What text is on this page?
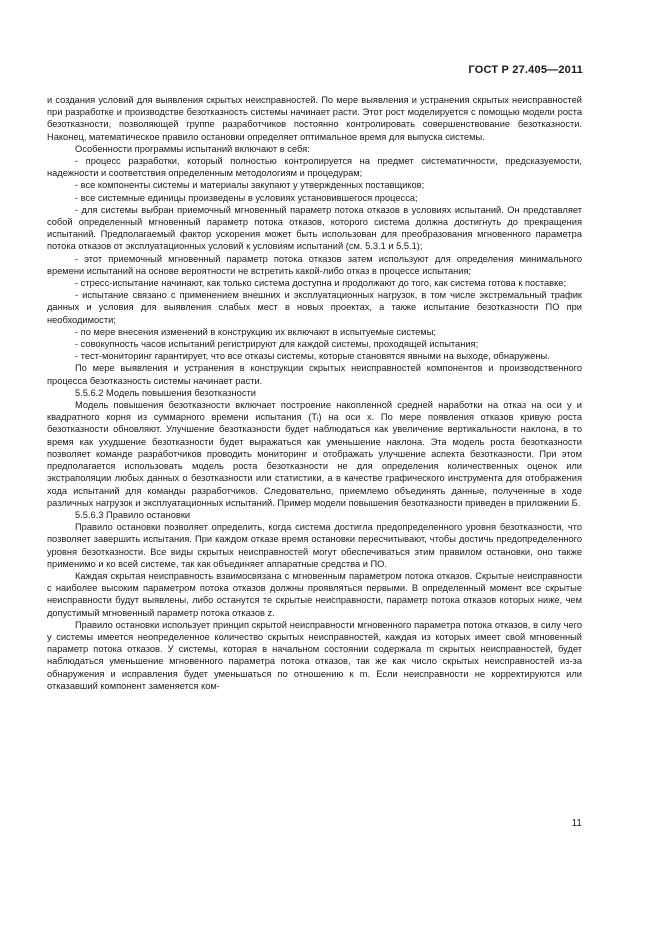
ГОСТ Р 27.405—2011

и создания условий для выявления скрытых неисправностей. По мере выявления и устранения скрытых неисправностей при разработке и производстве безотказность системы начинает расти. Этот рост моделируется с помощью модели роста безотказности, позволяющей группе разработчиков постоянно контролировать совершенствование безотказности. Наконец, математическое правило остановки определяет оптимальное время для выпуска системы.

Особенности программы испытаний включают в себя:

- процесс разработки, который полностью контролируется на предмет систематичности, предсказуемости, надежности и соответствия определенным методологиям и процедурам;

- все компоненты системы и материалы закупают у утвержденных поставщиков;

- все системные единицы произведены в условиях установившегося процесса;

- для системы выбран приемочный мгновенный параметр потока отказов в условиях испытаний. Он представляет собой определенный мгновенный параметр потока отказов, которого система должна достигнуть до прекращения испытаний. Предполагаемый фактор ускорения может быть использован для преобразования мгновенного параметра потока отказов от эксплуатационных условий к условиям испытаний (см. 5.3.1 и 5.5.1);

- этот приемочный мгновенный параметр потока отказов затем используют для определения минимального времени испытаний на основе вероятности не встретить какой-либо отказ в процессе испытания;

- стресс-испытание начинают, как только система доступна и продолжают до того, как система готова к поставке;

- испытание связано с применением внешних и эксплуатационных нагрузок, в том числе экстремальный трафик данных и условия для выявления слабых мест в новых проектах, а также испытание безотказности ПО при необходимости;

- по мере внесения изменений в конструкцию их включают в испытуемые системы;

- совокупность часов испытаний регистрируют для каждой системы, проходящей испытания;

- тест-мониторинг гарантирует, что все отказы системы, которые становятся явными на выходе, обнаружены.

По мере выявления и устранения в конструкции скрытых неисправностей компонентов и производственного процесса безотказность системы начинает расти.

5.5.6.2 Модель повышения безотказности

Модель повышения безотказности включает построение накопленной средней наработки на отказ на оси y и квадратного корня из суммарного времени испытания (Tᵢ) на оси x. По мере появления отказов кривую роста безотказности обновляют. Улучшение безотказности будет наблюдаться как увеличение вертикальности наклона, в то время как ухудшение безотказности будет выражаться как уменьшение наклона. Эта модель роста безотказности позволяет команде разработчиков проводить мониторинг и отображать улучшение аспекта безотказности. При этом предполагается использовать модель роста безотказности не для определения количественных оценок или экстраполяции любых данных о безотказности или статистики, а в качестве графического инструмента для отображения хода испытаний для команды разработчиков. Следовательно, приемлемо объединять данные, полученные в ходе различных нагрузок и эксплуатационных испытаний. Пример модели повышения безотказности приведен в приложении Б.

5.5.6.3 Правило остановки

Правило остановки позволяет определить, когда система достигла предопределенного уровня безотказности, что позволяет завершить испытания. При каждом отказе время остановки пересчитывают, чтобы достичь предопределенного уровня безотказности. Все виды скрытых неисправностей могут обеспечиваться этим правилом остановки, оно также применимо и ко всей системе, так как объединяет аппаратные средства и ПО.

Каждая скрытая неисправность взаимосвязана с мгновенным параметром потока отказов. Скрытые неисправности с наиболее высоким параметром потока отказов должны проявляться первыми. В определенный момент все скрытые неисправности будут выявлены, либо останутся те скрытые неисправности, параметр потока отказов которых ниже, чем допустимый мгновенный параметр потока отказов z.

Правило остановки использует принцип скрытой неисправности мгновенного параметра потока отказов, в силу чего у системы имеется неопределенное количество скрытых неисправностей, каждая из которых имеет свой мгновенный параметр потока отказов. У системы, которая в начальном состоянии содержала m скрытых неисправностей, будет наблюдаться уменьшение мгновенного параметра потока отказов, так же как число скрытых неисправностей из-за обнаружения и исправления будет уменьшаться по отношению к m. Если неисправности не корректируются или отказавший компонент заменяется ком-

11
